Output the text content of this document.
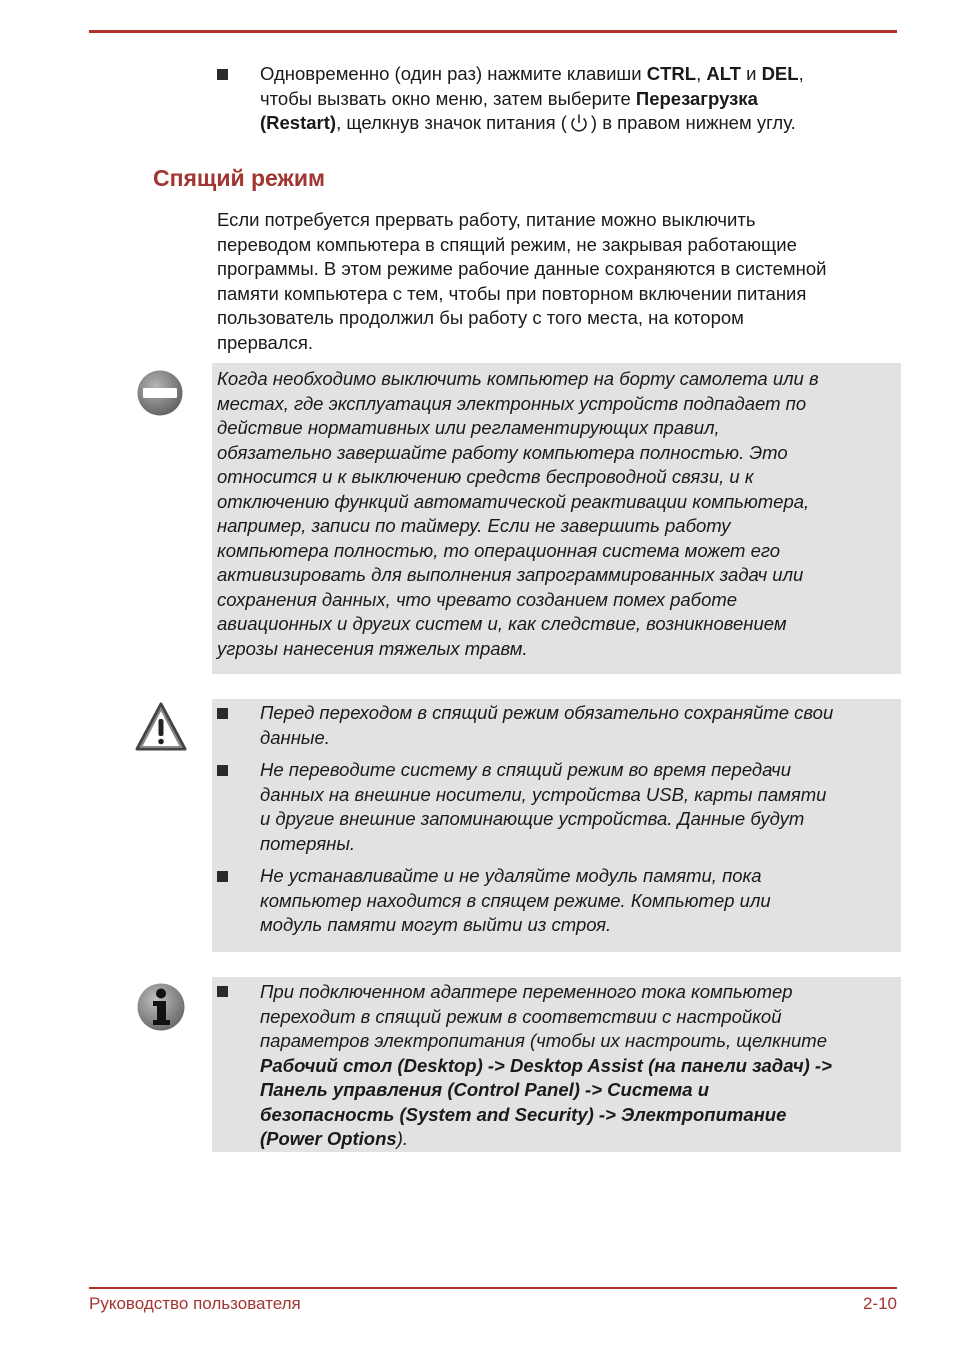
Одновременно (один раз) нажмите клавиши CTRL, ALT и DEL,
чтобы вызвать окно меню, затем выберите Перезагрузка
(Restart), щелкнув значок питания ( ) в правом нижнем углу.
Спящий режим
Если потребуется прервать работу, питание можно выключить
переводом компьютера в спящий режим, не закрывая работающие
программы. В этом режиме рабочие данные сохраняются в системной
памяти компьютера с тем, чтобы при повторном включении питания
пользователь продолжил бы работу с того места, на котором
прервался.
Когда необходимо выключить компьютер на борту самолета или в
местах, где эксплуатация электронных устройств подпадает по
действие нормативных или регламентирующих правил,
обязательно завершайте работу компьютера полностью. Это
относится и к выключению средств беспроводной связи, и к
отключению функций автоматической реактивации компьютера,
например, записи по таймеру. Если не завершить работу
компьютера полностью, то операционная система может его
активизировать для выполнения запрограммированных задач или
сохранения данных, что чревато созданием помех работе
авиационных и других систем и, как следствие, возникновением
угрозы нанесения тяжелых травм.
Перед переходом в спящий режим обязательно сохраняйте свои
данные.
Не переводите систему в спящий режим во время передачи
данных на внешние носители, устройства USB, карты памяти
и другие внешние запоминающие устройства. Данные будут
потеряны.
Не устанавливайте и не удаляйте модуль памяти, пока
компьютер находится в спящем режиме. Компьютер или
модуль памяти могут выйти из строя.
При подключенном адаптере переменного тока компьютер
переходит в спящий режим в соответствии с настройкой
параметров электропитания (чтобы их настроить, щелкните
Рабочий стол (Desktop) -> Desktop Assist (на панели задач) ->
Панель управления (Control Panel) -> Система и
безопасность (System and Security) -> Электропитание
(Power Options).
Руководство пользователя	2-10
